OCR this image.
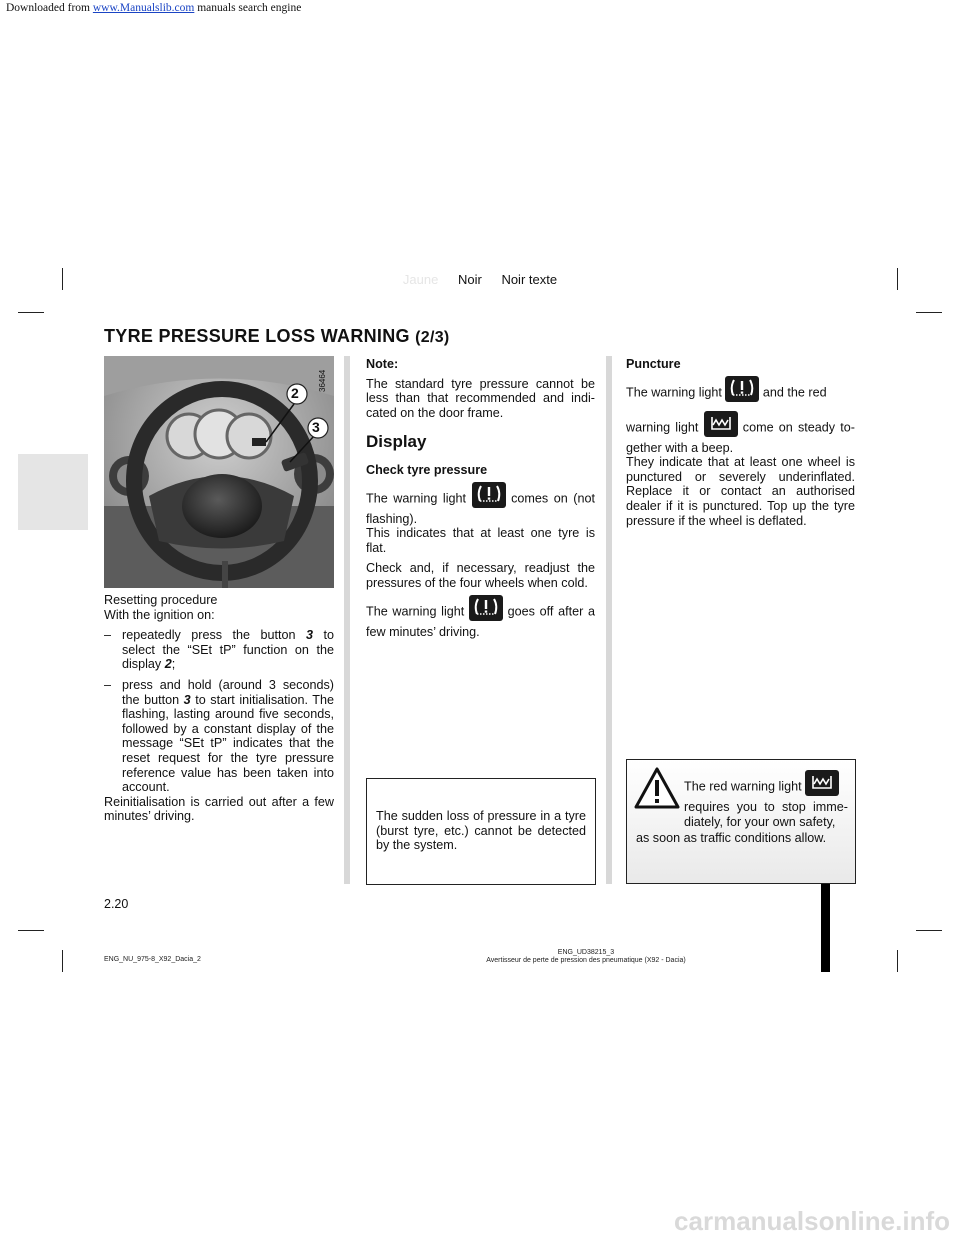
Downloaded from www.Manualslib.com manuals search engine
Jaune Noir Noir texte
TYRE PRESSURE LOSS WARNING (2/3)
2
3
36464

Resetting procedure

With the ignition on:

– repeatedly press the button 3 to select the “SEt tP” function on the display 2;

– press and hold (around 3 seconds) the button 3 to start initialisation. The flashing, lasting around five seconds, followed by a constant display of the message “SEt tP” indicates that the reset request for the tyre pressure reference value has been taken into account.

Reinitialisation is carried out after a few minutes’ driving.

Note:

The standard tyre pressure cannot be less than that recommended and indicated on the door frame.

Display

Check tyre pressure

The warning light	comes on (not flashing).

This indicates that at least one tyre is flat.

Check and, if necessary, readjust the pressures of the four wheels when cold.

The warning light	goes off after a few minutes’ driving.

The sudden loss of pressure in a tyre (burst tyre, etc.) cannot be detected by the system.

Puncture

The warning light	and the red

warning light	come on steady together with a beep.

They indicate that at least one wheel is punctured or severely underinflated. Replace it or contact an authorised dealer if it is punctured. Top up the tyre pressure if the wheel is deflated.

The red warning light

requires you to stop immediately, for your own safety,

as soon as traffic conditions allow.

2.20
ENG_NU_975-8_X92_Dacia_2
ENG_UD38215_3
Avertisseur de perte de pression des pneumatique (X92 - Dacia)
carmanualsonline.info
